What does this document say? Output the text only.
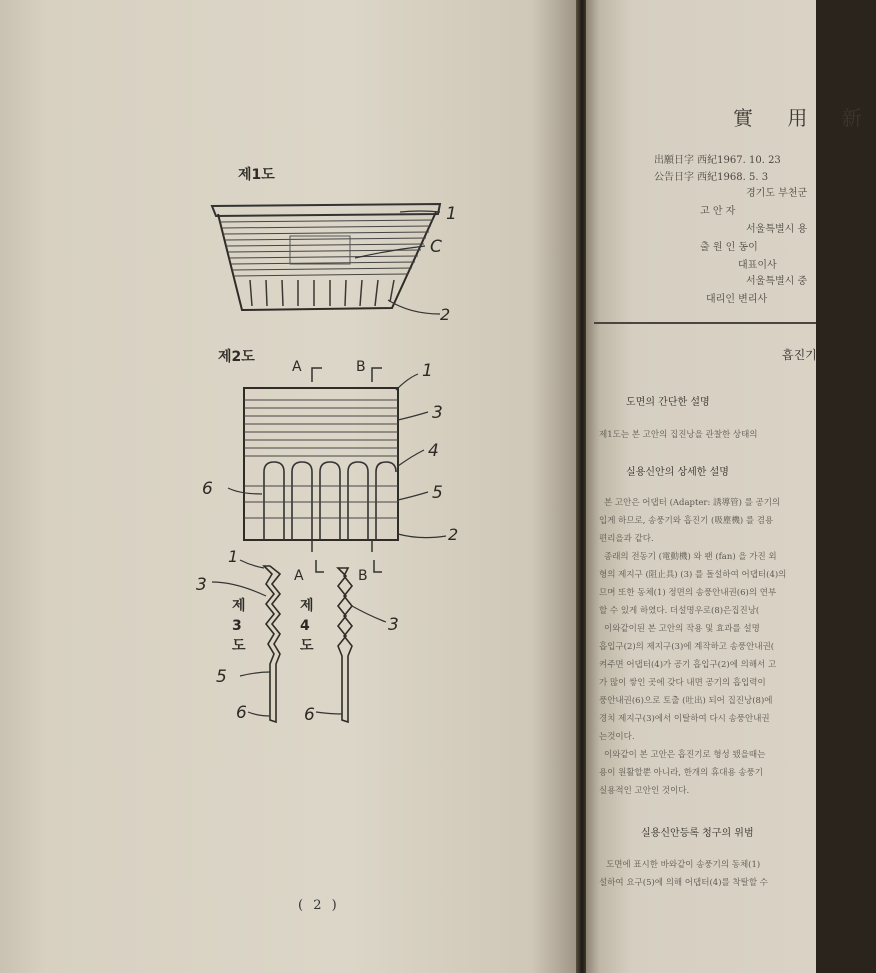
제1도
1
C
2
제2도
A	B	1
3
4
6	5
2
A	B
1
3
3
5
6	6
제3도
제4도
( 2 )
實 用 新
出願日字 西紀1967. 10. 23
公告日字 西紀1968. 5. 3
경기도 부천군
고 안 자
서울특별시 용
출 원 인 동이
대표이사
서울특별시 중
대리인 변리사
흡진기
도면의 간단한 설명
제1도는 본 고안의 집진낭을 관찰한 상태의
실용신안의 상세한 설명
본 고안은 어댑터 (Adapter: 誘導管) 를 공기의
입게 하므로, 송풍기와 흡진기 (吸塵機) 를 겸용
편리을과 같다.
종래의 전동기 (電動機) 와 팬 (fan) 을 가진 외
형의 제지구 (阻止具) (3) 를 돌설하여 어댑터(4)의
므며 또한 동체(1) 정면의 송풍안내권(6)의 연부
할 수 있게 하였다. 더설명우로(8)은집진낭(
이와같이된 본 고안의 작용 및 효과를 설명
흡입구(2)의 제지구(3)에 계작하고 송풍안내권(
켜주면 어댑터(4)가 공기 흡입구(2)에 의해서 고
가 많이 쌓인 곳에 갖다 내면 공기의 흡입력이
풍안내권(6)으로 토출 (吐出) 되어 집진낭(8)에
경치 제지구(3)에서 이탈하여 다시 송풍안내권
는것이다.
이와같이 본 고안은 흡진기로 형성 됐을때는
용이 원활할뿐 아니라, 한개의 휴대용 송풍기
실용적인 고안인 것이다.
실용신안등록 청구의 위범
도면에 표시한 바와같이 송풍기의 동체(1)
설하여 요구(5)에 의해 어댑터(4)를 착탈할 수
